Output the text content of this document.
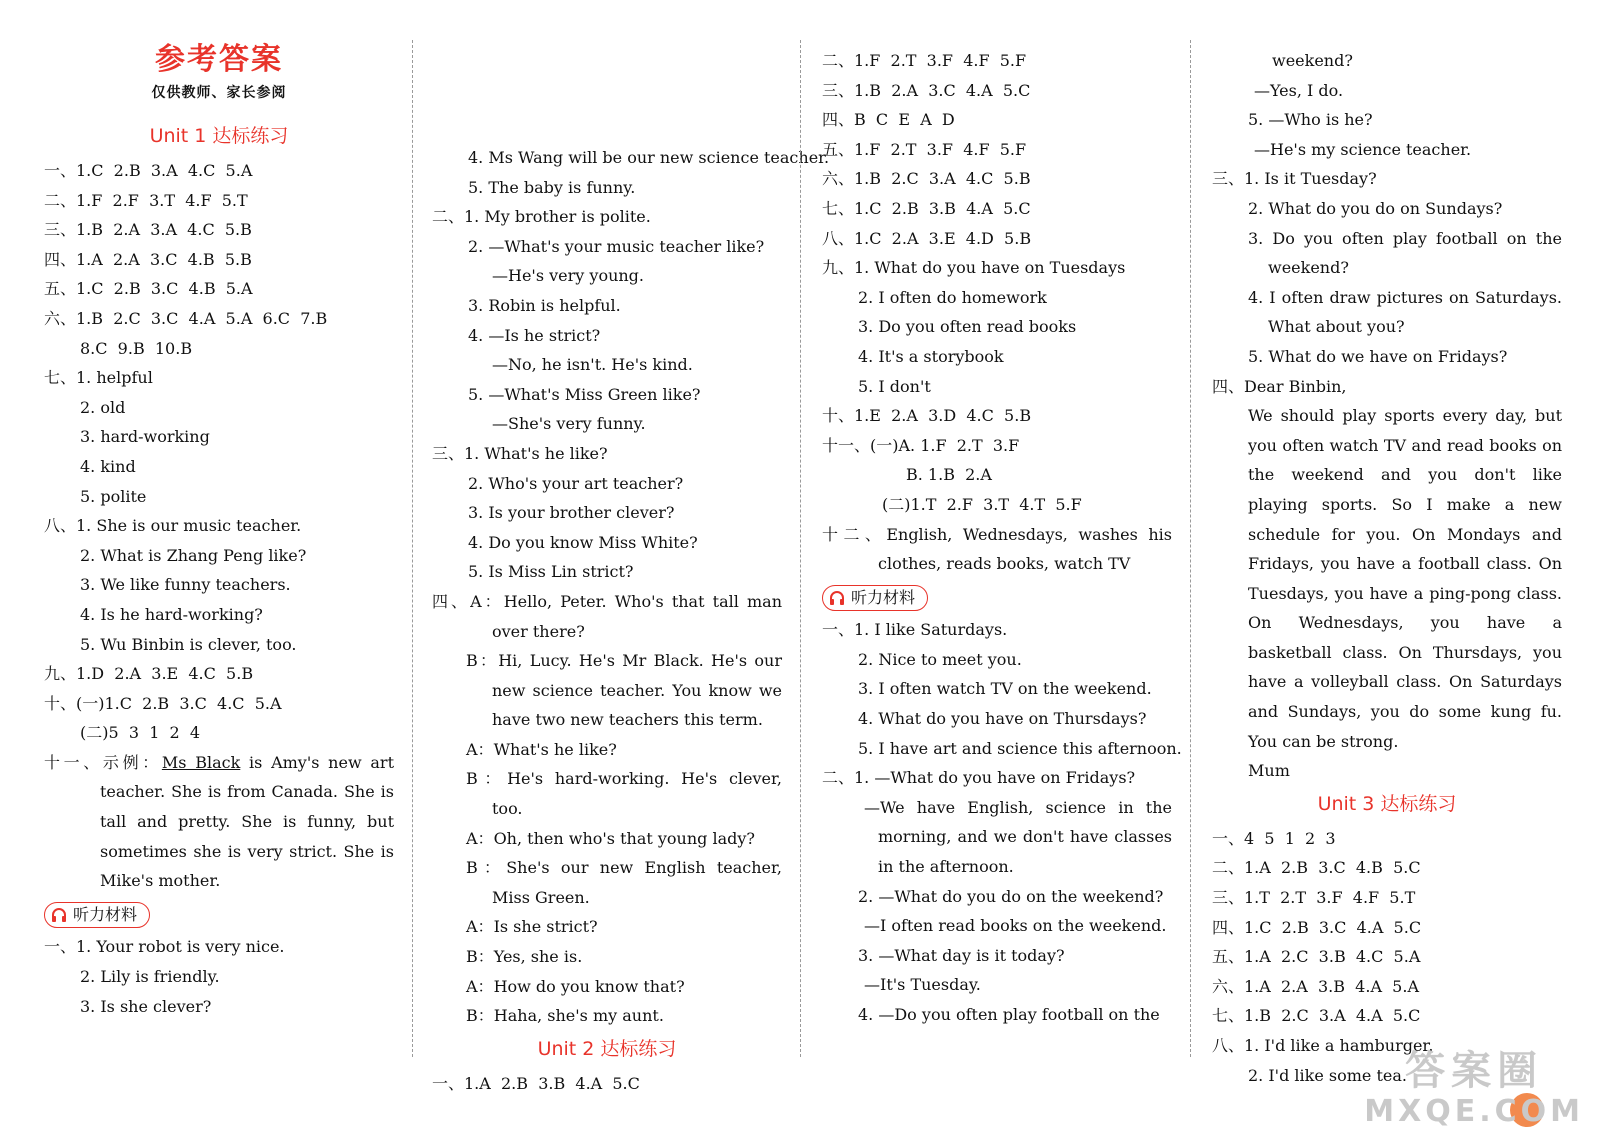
参考答案
仅供教师、家长参阅
Unit 1 达标练习
一、1.C  2.B  3.A  4.C  5.A
二、1.F  2.F  3.T  4.F  5.T
三、1.B  2.A  3.A  4.C  5.B
四、1.A  2.A  3.C  4.B  5.B
五、1.C  2.B  3.C  4.B  5.A
六、1.B  2.C  3.C  4.A  5.A  6.C  7.B
8.C  9.B  10.B
七、1. helpful
2. old
3. hard-working
4. kind
5. polite
八、1. She is our music teacher.
2. What is Zhang Peng like?
3. We like funny teachers.
4. Is he hard-working?
5. Wu Binbin is clever, too.
九、1.D  2.A  3.E  4.C  5.B
十、(一)1.C  2.B  3.C  4.C  5.A
(二)5  3  1  2  4
十一、示例：Ms Black is Amy's new art teacher. She is from Canada. She is tall and pretty. She is funny, but sometimes she is very strict. She is Mike's mother.
听力材料
一、1. Your robot is very nice.
2. Lily is friendly.
3. Is she clever?
4. Ms Wang will be our new science teacher.
5. The baby is funny.
二、1. My brother is polite.
2. —What's your music teacher like?
—He's very young.
3. Robin is helpful.
4. —Is he strict?
—No, he isn't. He's kind.
5. —What's Miss Green like?
—She's very funny.
三、1. What's he like?
2. Who's your art teacher?
3. Is your brother clever?
4. Do you know Miss White?
5. Is Miss Lin strict?
四、A：Hello, Peter. Who's that tall man over there?
B：Hi, Lucy. He's Mr Black. He's our new science teacher. You know we have two new teachers this term.
A：What's he like?
B：He's hard-working. He's clever, too.
A：Oh, then who's that young lady?
B：She's our new English teacher, Miss Green.
A：Is she strict?
B：Yes, she is.
A：How do you know that?
B：Haha, she's my aunt.
Unit 2 达标练习
一、1.A  2.B  3.B  4.A  5.C
二、1.F  2.T  3.F  4.F  5.F
三、1.B  2.A  3.C  4.A  5.C
四、B  C  E  A  D
五、1.F  2.T  3.F  4.F  5.F
六、1.B  2.C  3.A  4.C  5.B
七、1.C  2.B  3.B  4.A  5.C
八、1.C  2.A  3.E  4.D  5.B
九、1. What do you have on Tuesdays
2. I often do homework
3. Do you often read books
4. It's a storybook
5. I don't
十、1.E  2.A  3.D  4.C  5.B
十一、(一)A. 1.F  2.T  3.F
B. 1.B  2.A
(二)1.T  2.F  3.T  4.T  5.F
十二、English, Wednesdays, washes his clothes, reads books, watch TV
听力材料
一、1. I like Saturdays.
2. Nice to meet you.
3. I often watch TV on the weekend.
4. What do you have on Thursdays?
5. I have art and science this afternoon.
二、1. —What do you have on Fridays?
—We have English, science in the morning, and we don't have classes in the afternoon.
2. —What do you do on the weekend?
—I often read books on the weekend.
3. —What day is it today?
—It's Tuesday.
4. —Do you often play football on the
weekend?
—Yes, I do.
5. —Who is he?
—He's my science teacher.
三、1. Is it Tuesday?
2. What do you do on Sundays?
3. Do you often play football on the weekend?
4. I often draw pictures on Saturdays. What about you?
5. What do we have on Fridays?
四、Dear Binbin,
We should play sports every day, but you often watch TV and read books on the weekend and you don't like playing sports. So I make a new schedule for you. On Mondays and Fridays, you have a football class. On Tuesdays, you have a ping-pong class. On Wednesdays, you have a basketball class. On Thursdays, you have a volleyball class. On Saturdays and Sundays, you do some kung fu. You can be strong.
Mum
Unit 3 达标练习
一、4  5  1  2  3
二、1.A  2.B  3.C  4.B  5.C
三、1.T  2.T  3.F  4.F  5.T
四、1.C  2.B  3.C  4.A  5.C
五、1.A  2.C  3.B  4.C  5.A
六、1.A  2.A  3.B  4.A  5.A
七、1.B  2.C  3.A  4.A  5.C
八、1. I'd like a hamburger.
2. I'd like some tea.
答案圈
MXQE.COM
